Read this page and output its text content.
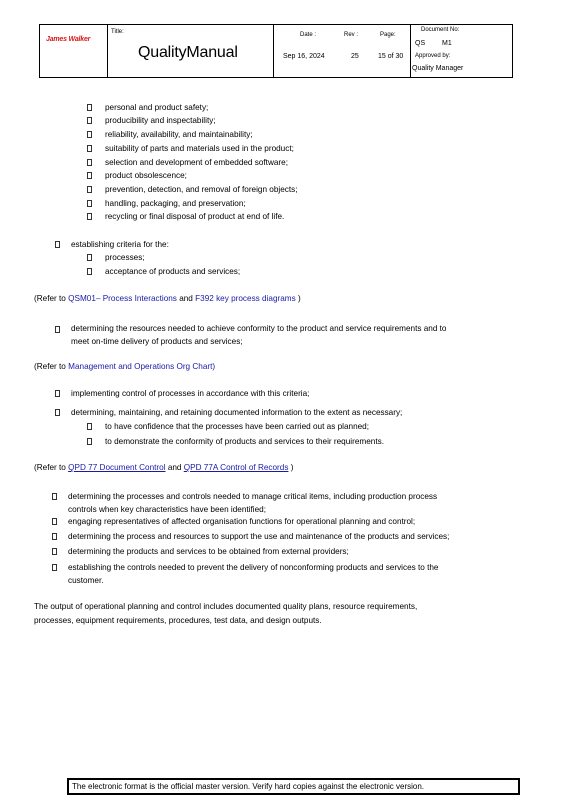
James Walker
Title:
QualityManual
Date :	Rev :	Page:
Sep 16, 2024	25	15 of 30
Document No:
QS M1
Approved by:
Quality Manager
personal and product safety;
producibility and inspectability;
reliability, availability, and maintainability;
suitability of parts and materials used in the product;
selection and development of embedded software;
product obsolescence;
prevention, detection, and removal of foreign objects;
handling, packaging, and preservation;
recycling or final disposal of product at end of life.
establishing criteria for the:
processes;
acceptance of products and services;
(Refer to QSM01– Process Interactions and F392 key process diagrams )
determining the resources needed to achieve conformity to the product and service requirements and to
meet on-time delivery of products and services;
(Refer to Management and Operations Org Chart)
implementing control of processes in accordance with this criteria;
determining, maintaining, and retaining documented information to the extent as necessary;
to have confidence that the processes have been carried out as planned;
to demonstrate the conformity of products and services to their requirements.
(Refer to QPD 77 Document Control and QPD 77A Control of Records )
determining the processes and controls needed to manage critical items, including production process
controls when key characteristics have been identified;
engaging representatives of affected organisation functions for operational planning and control;
determining the process and resources to support the use and maintenance of the products and services;
determining the products and services to be obtained from external providers;
establishing the controls needed to prevent the delivery of nonconforming products and services to the
customer.
The output of operational planning and control includes documented quality plans, resource requirements,
processes, equipment requirements, procedures, test data, and design outputs.
The electronic format is the official master version. Verify hard copies against the electronic version.
